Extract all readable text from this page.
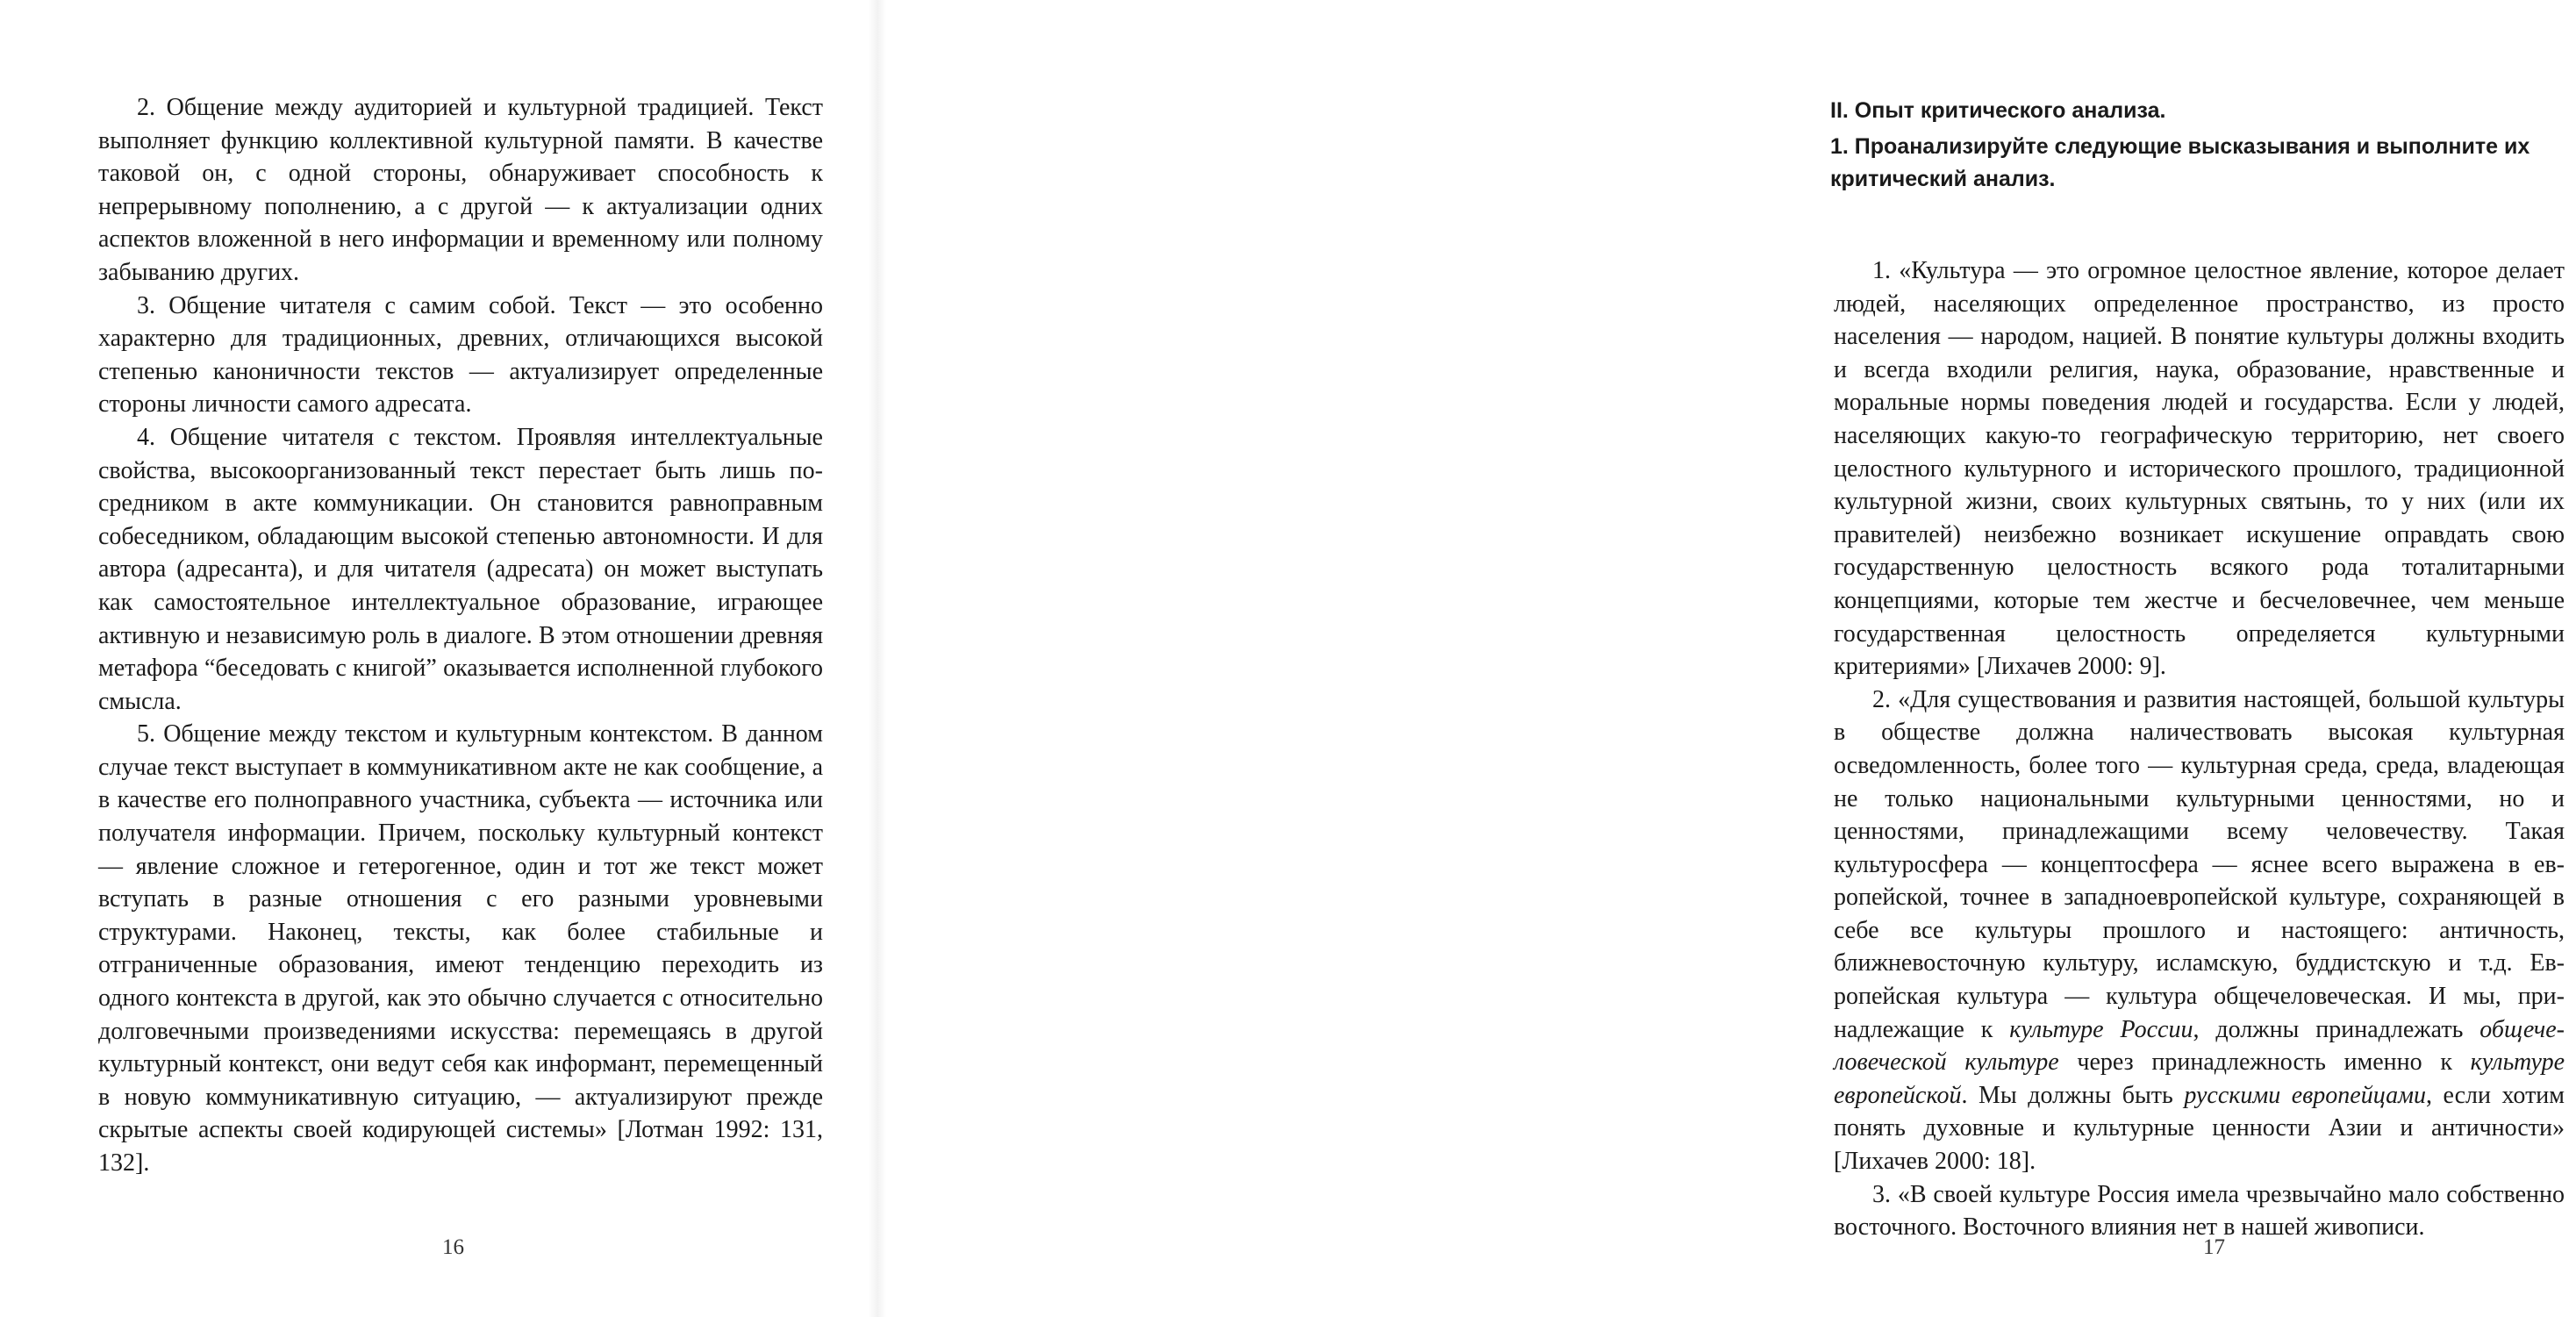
2. Общение между аудиторией и культурной традицией. Текст выполняет функцию коллективной культурной памяти. В качестве таковой он, с одной стороны, обнаруживает способность к непрерывному пополнению, а с другой — к актуализации одних аспектов вложенной в него информации и временному или полному забыванию других.

3. Общение читателя с самим собой. Текст — это особенно характерно для традиционных, древних, отличающихся высокой степенью каноничности текстов — актуализирует определенные стороны личности самого адресата.

4. Общение читателя с текстом. Проявляя интеллектуальные свойства, высокоорганизованный текст перестает быть лишь посредником в акте коммуникации. Он становится равноправным собеседником, обладающим высокой степенью автономности. И для автора (адресанта), и для читателя (адресата) он может выступать как самостоятельное интеллектуальное образование, играющее активную и независимую роль в диалоге. В этом отношении древняя метафора “беседовать с книгой” оказывается исполненной глубокого смысла.

5. Общение между текстом и культурным контекстом. В данном случае текст выступает в коммуникативном акте не как сообщение, а в качестве его полноправного участника, субъекта — источника или получателя информации. Причем, поскольку культурный контекст — явление сложное и гетерогенное, один и тот же текст может вступать в разные отношения с его разными уровневыми структурами. Наконец, тексты, как более стабильные и отграниченные образования, имеют тенденцию переходить из одного контекста в другой, как это обычно случается с относительно долговечными произведениями искусства: перемещаясь в другой культурный контекст, они ведут себя как информант, перемещенный в новую коммуникативную ситуацию, — актуализируют прежде скрытые аспекты своей кодирующей системы» [Лотман 1992: 131, 132].

16

II. Опыт критического анализа.

1. Проанализируйте следующие высказывания и выполните их критический анализ.

1. «Культура — это огромное целостное явление, которое делает людей, населяющих определенное пространство, из просто населения — народом, нацией. В понятие культуры должны входить и всегда входили религия, наука, образование, нравственные и моральные нормы поведения людей и государства. Если у людей, населяющих какую-то географическую территорию, нет своего целостного культурного и исторического прошлого, традиционной культурной жизни, своих культурных святынь, то у них (или их правителей) неизбежно возникает искушение оправдать свою государственную целостность всякого рода тоталитарными концепциями, которые тем жестче и бесчеловечнее, чем меньше государственная целостность определяется культурными критериями» [Лихачев 2000: 9].

2. «Для существования и развития настоящей, большой культуры в обществе должна наличествовать высокая культурная осведомленность, более того — культурная среда, среда, владеющая не только национальными культурными ценностями, но и ценностями, принадлежащими всему человечеству. Такая культуросфера — концептосфера — яснее всего выражена в европейской, точнее в западноевропейской культуре, сохраняющей в себе все культуры прошлого и настоящего: античность, ближневосточную культуру, исламскую, буддистскую и т.д. Европейская культура — культура общечеловеческая. И мы, принадлежащие к культуре России, должны принадлежать общечеловеческой культуре через принадлежность именно к культуре европейской. Мы должны быть русскими европейцами, если хотим понять духовные и культурные ценности Азии и античности» [Лихачев 2000: 18].

3. «В своей культуре Россия имела чрезвычайно мало собственно восточного. Восточного влияния нет в нашей живописи.

17
